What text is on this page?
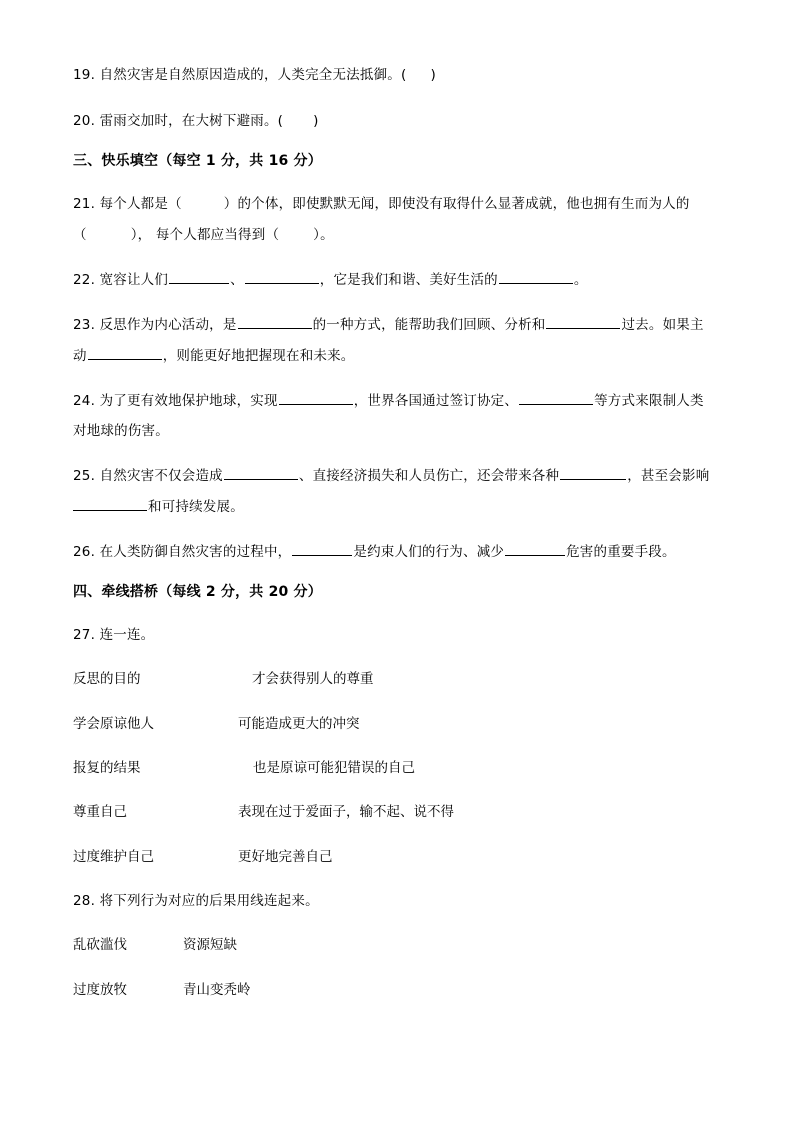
19. 自然灾害是自然原因造成的，人类完全无法抵御。( )
20. 雷雨交加时，在大树下避雨。( )
三、快乐填空（每空 1 分，共 16 分）
21. 每个人都是（	）的个体，即使默默无闻，即使没有取得什么显著成就，他也拥有生而为人的
（	）， 每个人都应当得到（	）。
22. 宽容让人们	、	，它是我们和谐、美好生活的	。
23. 反思作为内心活动，是	的一种方式，能帮助我们回顾、分析和	过去。如果主
动	，则能更好地把握现在和未来。
24. 为了更有效地保护地球，实现	，世界各国通过签订协定、	等方式来限制人类
对地球的伤害。
25. 自然灾害不仅会造成	、直接经济损失和人员伤亡，还会带来各种	，甚至会影响
和可持续发展。
26. 在人类防御自然灾害的过程中，	是约束人们的行为、减少	危害的重要手段。
四、牵线搭桥（每线 2 分，共 20 分）
27. 连一连。
反思的目的	才会获得别人的尊重
学会原谅他人	可能造成更大的冲突
报复的结果	也是原谅可能犯错误的自己
尊重自己	表现在过于爱面子，输不起、说不得
过度维护自己	更好地完善自己
28. 将下列行为对应的后果用线连起来。
乱砍滥伐	资源短缺
过度放牧	青山变秃岭
